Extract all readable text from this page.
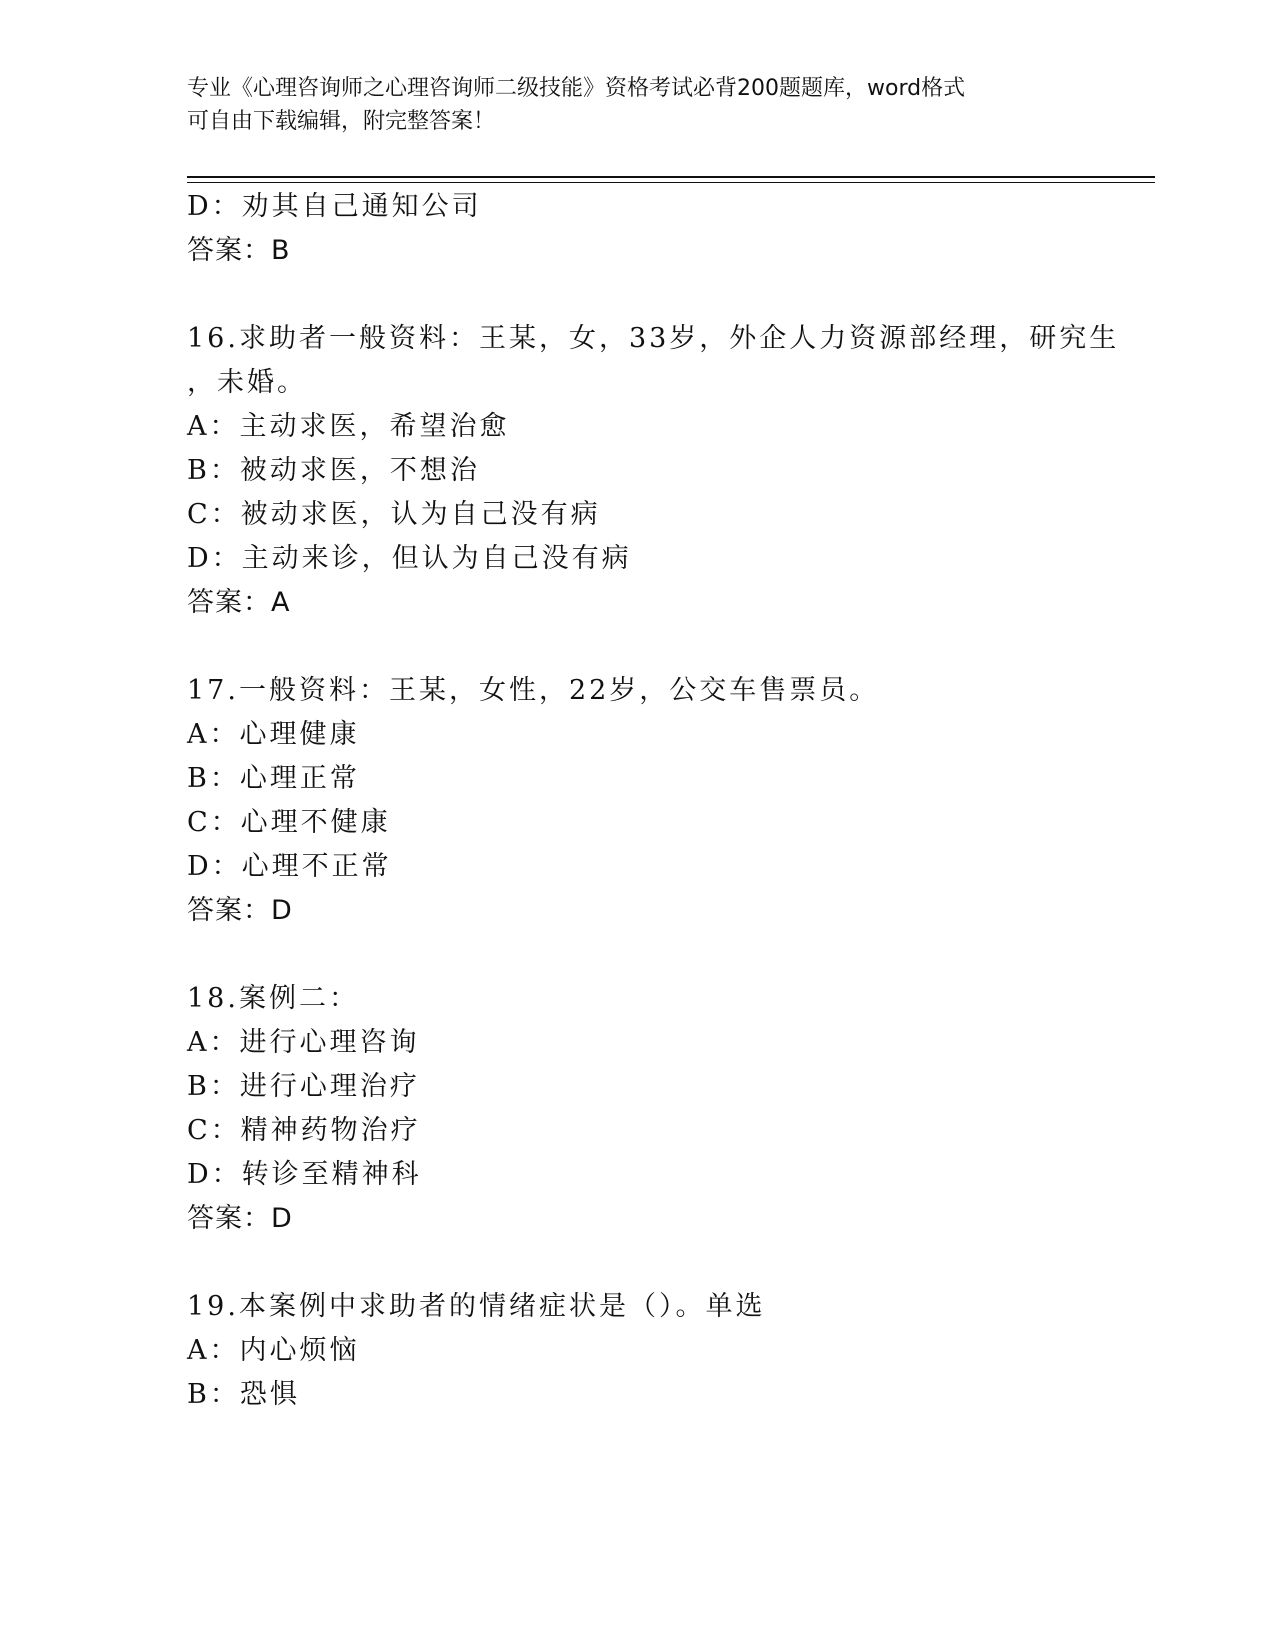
专业《心理咨询师之心理咨询师二级技能》资格考试必背200题题库，word格式
可自由下载编辑，附完整答案！
D：劝其自己通知公司
答案：B
16.求助者一般资料：王某，女，33岁，外企人力资源部经理，研究生
，未婚。
A：主动求医，希望治愈
B：被动求医，不想治
C：被动求医，认为自己没有病
D：主动来诊，但认为自己没有病
答案：A
17.一般资料：王某，女性，22岁，公交车售票员。
A：心理健康
B：心理正常
C：心理不健康
D：心理不正常
答案：D
18.案例二：
A：进行心理咨询
B：进行心理治疗
C：精神药物治疗
D：转诊至精神科
答案：D
19.本案例中求助者的情绪症状是（）。单选
A：内心烦恼
B：恐惧
